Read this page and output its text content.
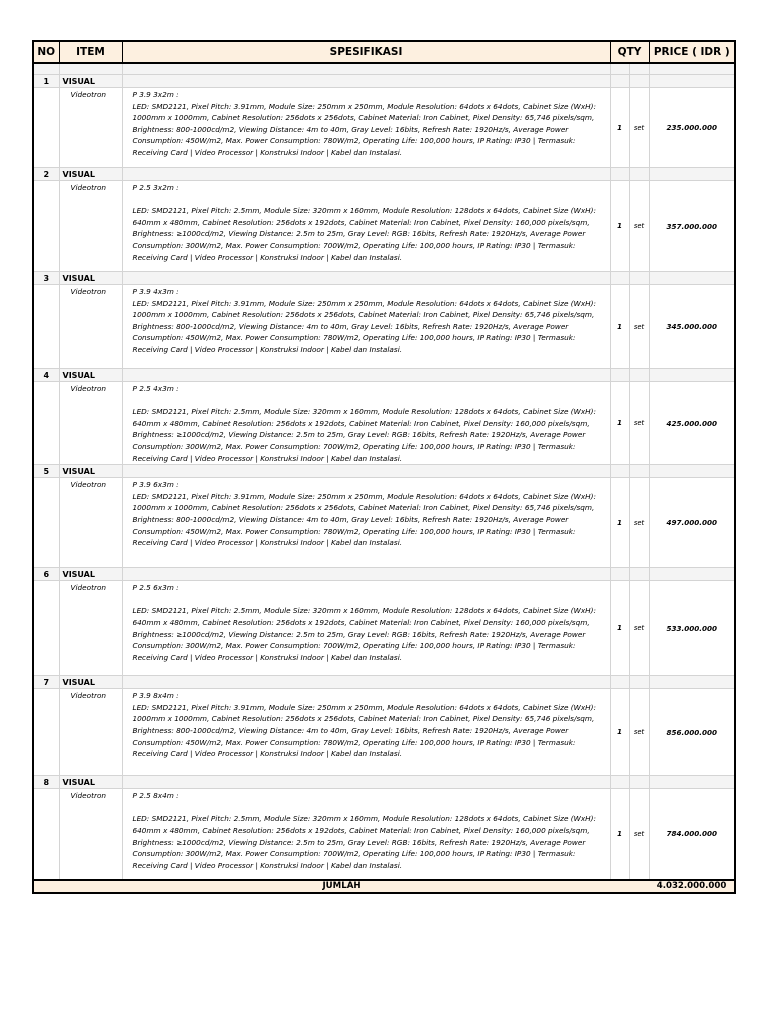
NO	ITEM	SPESIFIKASI	QTY		PRICE ( IDR )

1	VISUAL				
	Videotron	P 3.9 3x2m :
LED: SMD2121, Pixel Pitch: 3.91mm, Module Size: 250mm x 250mm, Module Resolution: 64dots x 64dots, Cabinet Size (WxH): 1000mm x 1000mm, Cabinet Resolution: 256dots x 256dots, Cabinet Material: Iron Cabinet, Pixel Density: 65,746 pixels/sqm, Brightness: 800-1000cd/m2, Viewing Distance: 4m to 40m, Gray Level: 16bits, Refresh Rate: 1920Hz/s, Average Power Consumption: 450W/m2, Max. Power Consumption: 780W/m2, Operating Life: 100,000 hours, IP Rating: IP30 | Termasuk: Receiving Card | Video Processor | Konstruksi Indoor | Kabel dan Instalasi.	1	set	235.000.000
2	VISUAL				
	Videotron	P 2.5 3x2m :

LED: SMD2121, Pixel Pitch: 2.5mm, Module Size: 320mm x 160mm, Module Resolution: 128dots x 64dots, Cabinet Size (WxH): 640mm x 480mm, Cabinet Resolution: 256dots x 192dots, Cabinet Material: Iron Cabinet, Pixel Density: 160,000 pixels/sqm, Brightness: ≥1000cd/m2, Viewing Distance: 2.5m to 25m, Gray Level: RGB: 16bits, Refresh Rate: 1920Hz/s, Average Power Consumption: 300W/m2, Max. Power Consumption: 700W/m2, Operating Life: 100,000 hours, IP Rating: IP30 | Termasuk: Receiving Card | Video Processor | Konstruksi Indoor | Kabel dan Instalasi.	1	set	357.000.000
3	VISUAL				
	Videotron	P 3.9 4x3m :
LED: SMD2121, Pixel Pitch: 3.91mm, Module Size: 250mm x 250mm, Module Resolution: 64dots x 64dots, Cabinet Size (WxH): 1000mm x 1000mm, Cabinet Resolution: 256dots x 256dots, Cabinet Material: Iron Cabinet, Pixel Density: 65,746 pixels/sqm, Brightness: 800-1000cd/m2, Viewing Distance: 4m to 40m, Gray Level: 16bits, Refresh Rate: 1920Hz/s, Average Power Consumption: 450W/m2, Max. Power Consumption: 780W/m2, Operating Life: 100,000 hours, IP Rating: IP30 | Termasuk: Receiving Card | Video Processor | Konstruksi Indoor | Kabel dan Instalasi.	1	set	345.000.000
4	VISUAL				
	Videotron	P 2.5 4x3m :

LED: SMD2121, Pixel Pitch: 2.5mm, Module Size: 320mm x 160mm, Module Resolution: 128dots x 64dots, Cabinet Size (WxH): 640mm x 480mm, Cabinet Resolution: 256dots x 192dots, Cabinet Material: Iron Cabinet, Pixel Density: 160,000 pixels/sqm, Brightness: ≥1000cd/m2, Viewing Distance: 2.5m to 25m, Gray Level: RGB: 16bits, Refresh Rate: 1920Hz/s, Average Power Consumption: 300W/m2, Max. Power Consumption: 700W/m2, Operating Life: 100,000 hours, IP Rating: IP30 | Termasuk: Receiving Card | Video Processor | Konstruksi Indoor | Kabel dan Instalasi.	1	set	425.000.000
5	VISUAL				
	Videotron	P 3.9 6x3m :
LED: SMD2121, Pixel Pitch: 3.91mm, Module Size: 250mm x 250mm, Module Resolution: 64dots x 64dots, Cabinet Size (WxH): 1000mm x 1000mm, Cabinet Resolution: 256dots x 256dots, Cabinet Material: Iron Cabinet, Pixel Density: 65,746 pixels/sqm, Brightness: 800-1000cd/m2, Viewing Distance: 4m to 40m, Gray Level: 16bits, Refresh Rate: 1920Hz/s, Average Power Consumption: 450W/m2, Max. Power Consumption: 780W/m2, Operating Life: 100,000 hours, IP Rating: IP30 | Termasuk: Receiving Card | Video Processor | Konstruksi Indoor | Kabel dan Instalasi.	1	set	497.000.000
6	VISUAL				
	Videotron	P 2.5 6x3m :

LED: SMD2121, Pixel Pitch: 2.5mm, Module Size: 320mm x 160mm, Module Resolution: 128dots x 64dots, Cabinet Size (WxH): 640mm x 480mm, Cabinet Resolution: 256dots x 192dots, Cabinet Material: Iron Cabinet, Pixel Density: 160,000 pixels/sqm, Brightness: ≥1000cd/m2, Viewing Distance: 2.5m to 25m, Gray Level: RGB: 16bits, Refresh Rate: 1920Hz/s, Average Power Consumption: 300W/m2, Max. Power Consumption: 700W/m2, Operating Life: 100,000 hours, IP Rating: IP30 | Termasuk: Receiving Card | Video Processor | Konstruksi Indoor | Kabel dan Instalasi.	1	set	533.000.000
7	VISUAL				
	Videotron	P 3.9 8x4m :
LED: SMD2121, Pixel Pitch: 3.91mm, Module Size: 250mm x 250mm, Module Resolution: 64dots x 64dots, Cabinet Size (WxH): 1000mm x 1000mm, Cabinet Resolution: 256dots x 256dots, Cabinet Material: Iron Cabinet, Pixel Density: 65,746 pixels/sqm, Brightness: 800-1000cd/m2, Viewing Distance: 4m to 40m, Gray Level: 16bits, Refresh Rate: 1920Hz/s, Average Power Consumption: 450W/m2, Max. Power Consumption: 780W/m2, Operating Life: 100,000 hours, IP Rating: IP30 | Termasuk: Receiving Card | Video Processor | Konstruksi Indoor | Kabel dan Instalasi.	1	set	856.000.000
8	VISUAL				
	Videotron	P 2.5 8x4m :

LED: SMD2121, Pixel Pitch: 2.5mm, Module Size: 320mm x 160mm, Module Resolution: 128dots x 64dots, Cabinet Size (WxH): 640mm x 480mm, Cabinet Resolution: 256dots x 192dots, Cabinet Material: Iron Cabinet, Pixel Density: 160,000 pixels/sqm, Brightness: ≥1000cd/m2, Viewing Distance: 2.5m to 25m, Gray Level: RGB: 16bits, Refresh Rate: 1920Hz/s, Average Power Consumption: 300W/m2, Max. Power Consumption: 700W/m2, Operating Life: 100,000 hours, IP Rating: IP30 | Termasuk: Receiving Card | Video Processor | Konstruksi Indoor | Kabel dan Instalasi.	1	set	784.000.000
JUMLAH					4.032.000.000
